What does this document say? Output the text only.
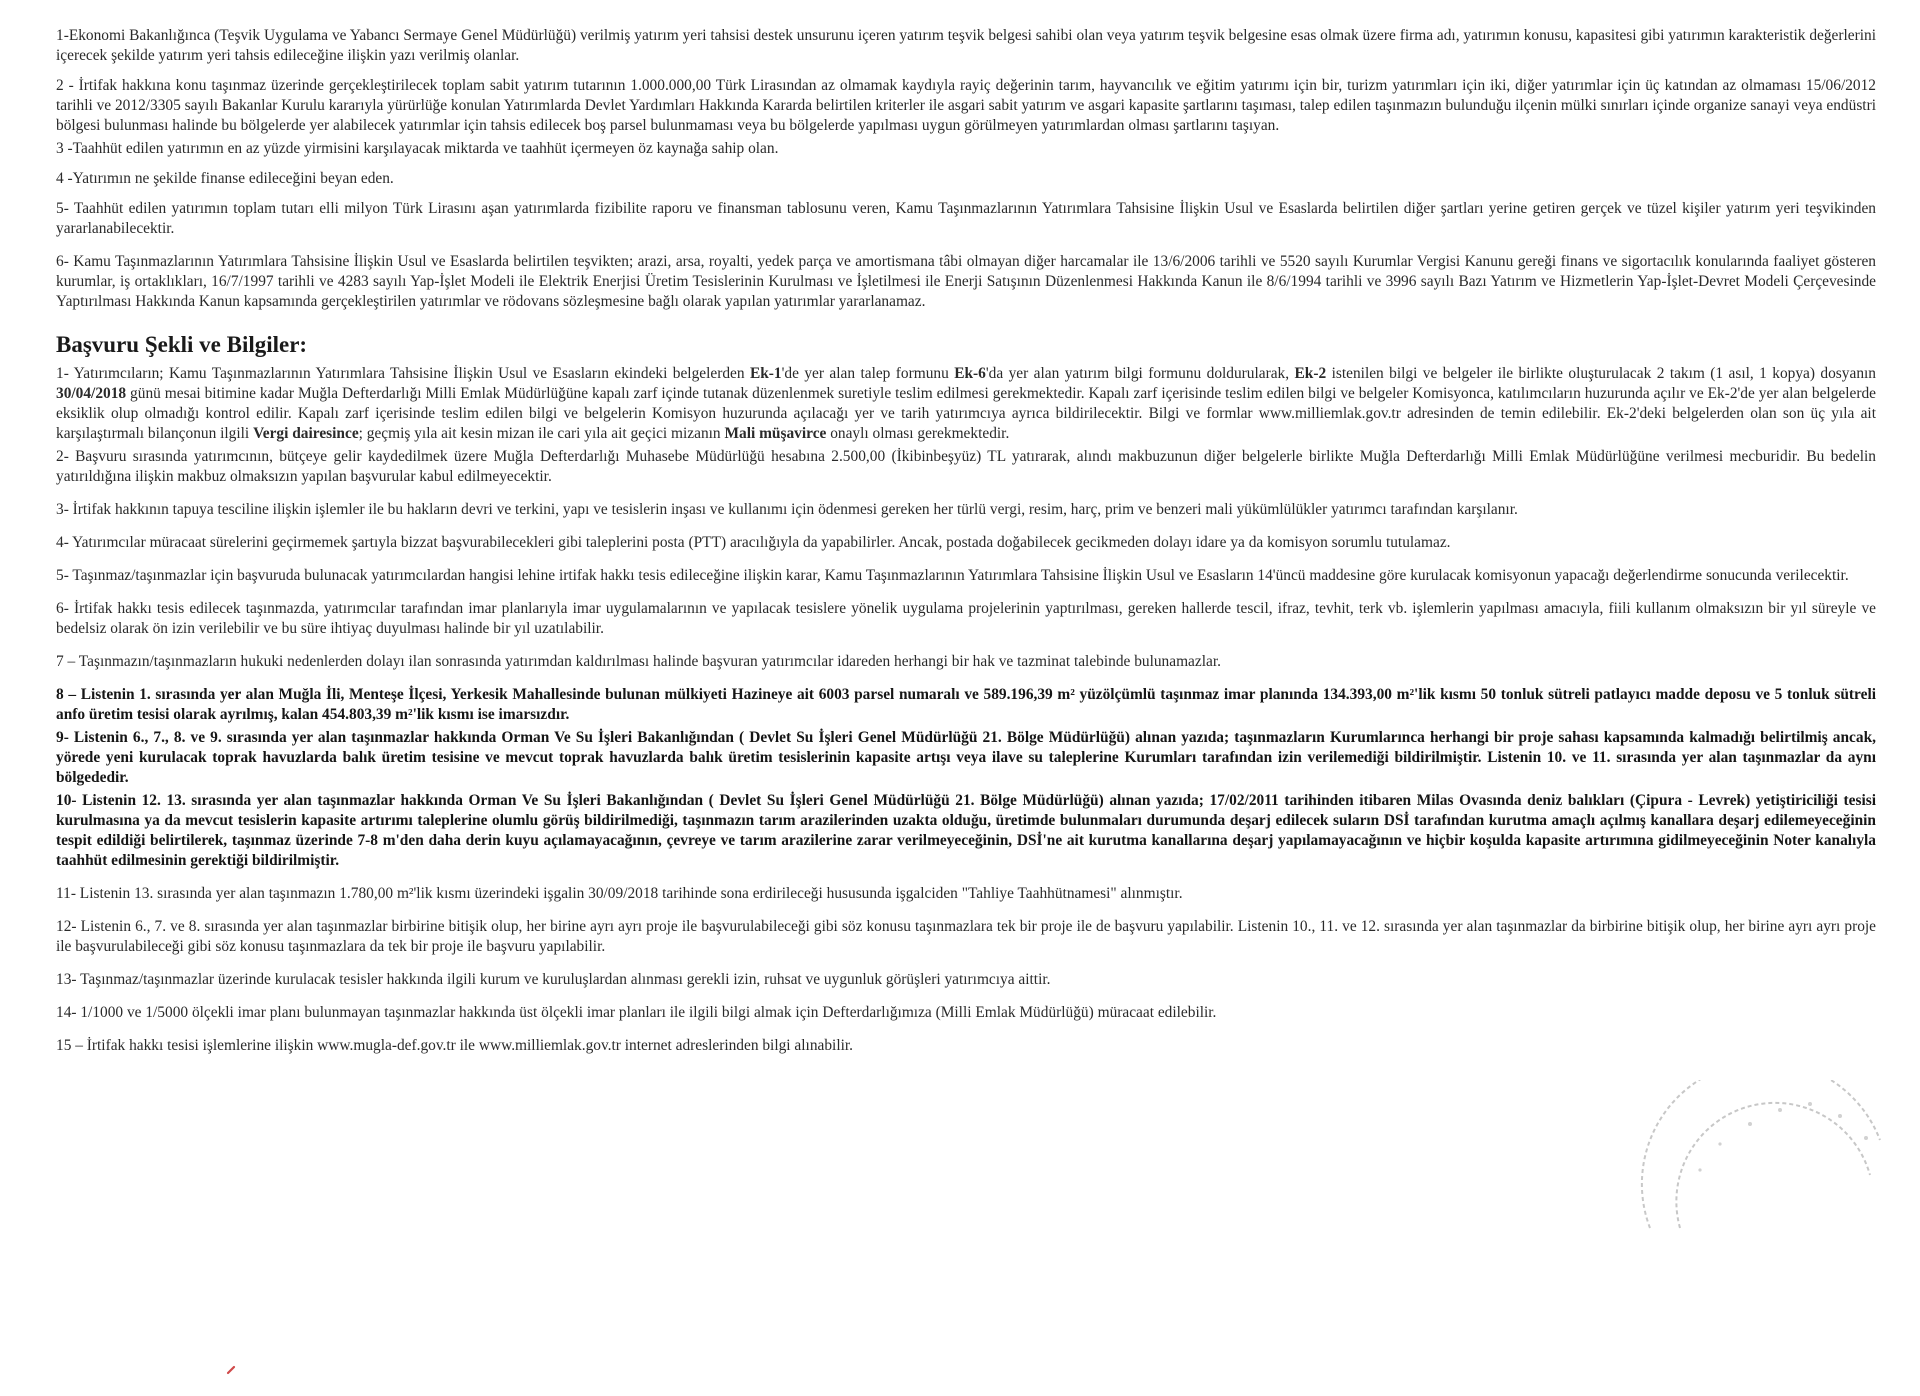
1-Ekonomi Bakanlığınca (Teşvik Uygulama ve Yabancı Sermaye Genel Müdürlüğü) verilmiş yatırım yeri tahsisi destek unsurunu içeren yatırım teşvik belgesi sahibi olan veya yatırım teşvik belgesine esas olmak üzere firma adı, yatırımın konusu, kapasitesi gibi yatırımın karakteristik değerlerini içerecek şekilde yatırım yeri tahsis edileceğine ilişkin yazı verilmiş olanlar.

2 - İrtifak hakkına konu taşınmaz üzerinde gerçekleştirilecek toplam sabit yatırım tutarının 1.000.000,00 Türk Lirasından az olmamak kaydıyla rayiç değerinin tarım, hayvancılık ve eğitim yatırımı için bir, turizm yatırımları için iki, diğer yatırımlar için üç katından az olmaması 15/06/2012 tarihli ve 2012/3305 sayılı Bakanlar Kurulu kararıyla yürürlüğe konulan Yatırımlarda Devlet Yardımları Hakkında Kararda belirtilen kriterler ile asgari sabit yatırım ve asgari kapasite şartlarını taşıması, talep edilen taşınmazın bulunduğu ilçenin mülki sınırları içinde organize sanayi veya endüstri bölgesi bulunması halinde bu bölgelerde yer alabilecek yatırımlar için tahsis edilecek boş parsel bulunmaması veya bu bölgelerde yapılması uygun görülmeyen yatırımlardan olması şartlarını taşıyan.

3 -Taahhüt edilen yatırımın en az yüzde yirmisini karşılayacak miktarda ve taahhüt içermeyen öz kaynağa sahip olan.

4 -Yatırımın ne şekilde finanse edileceğini beyan eden.

5- Taahhüt edilen yatırımın toplam tutarı elli milyon Türk Lirasını aşan yatırımlarda fizibilite raporu ve finansman tablosunu veren, Kamu Taşınmazlarının Yatırımlara Tahsisine İlişkin Usul ve Esaslarda belirtilen diğer şartları yerine getiren gerçek ve tüzel kişiler yatırım yeri teşvikinden yararlanabilecektir.

6- Kamu Taşınmazlarının Yatırımlara Tahsisine İlişkin Usul ve Esaslarda belirtilen teşvikten; arazi, arsa, royalti, yedek parça ve amortismana tâbi olmayan diğer harcamalar ile 13/6/2006 tarihli ve 5520 sayılı Kurumlar Vergisi Kanunu gereği finans ve sigortacılık konularında faaliyet gösteren kurumlar, iş ortaklıkları, 16/7/1997 tarihli ve 4283 sayılı Yap-İşlet Modeli ile Elektrik Enerjisi Üretim Tesislerinin Kurulması ve İşletilmesi ile Enerji Satışının Düzenlenmesi Hakkında Kanun ile 8/6/1994 tarihli ve 3996 sayılı Bazı Yatırım ve Hizmetlerin Yap-İşlet-Devret Modeli Çerçevesinde Yaptırılması Hakkında Kanun kapsamında gerçekleştirilen yatırımlar ve rödovans sözleşmesine bağlı olarak yapılan yatırımlar yararlanamaz.

Başvuru Şekli ve Bilgiler:

1- Yatırımcıların; Kamu Taşınmazlarının Yatırımlara Tahsisine İlişkin Usul ve Esasların ekindeki belgelerden Ek-1'de yer alan talep formunu Ek-6'da yer alan yatırım bilgi formunu doldurularak, Ek-2 istenilen bilgi ve belgeler ile birlikte oluşturulacak 2 takım (1 asıl, 1 kopya) dosyanın 30/04/2018 günü mesai bitimine kadar Muğla Defterdarlığı Milli Emlak Müdürlüğüne kapalı zarf içinde tutanak düzenlenmek suretiyle teslim edilmesi gerekmektedir. Kapalı zarf içerisinde teslim edilen bilgi ve belgeler Komisyonca, katılımcıların huzurunda açılır ve Ek-2'de yer alan belgelerde eksiklik olup olmadığı kontrol edilir. Kapalı zarf içerisinde teslim edilen bilgi ve belgelerin Komisyon huzurunda açılacağı yer ve tarih yatırımcıya ayrıca bildirilecektir. Bilgi ve formlar www.milliemlak.gov.tr adresinden de temin edilebilir. Ek-2'deki belgelerden olan son üç yıla ait karşılaştırmalı bilançonun ilgili Vergi dairesince; geçmiş yıla ait kesin mizan ile cari yıla ait geçici mizanın Mali müşavirce onaylı olması gerekmektedir.

2- Başvuru sırasında yatırımcının, bütçeye gelir kaydedilmek üzere Muğla Defterdarlığı Muhasebe Müdürlüğü hesabına 2.500,00 (İkibinbeşyüz) TL yatırarak, alındı makbuzunun diğer belgelerle birlikte Muğla Defterdarlığı Milli Emlak Müdürlüğüne verilmesi mecburidir. Bu bedelin yatırıldığına ilişkin makbuz olmaksızın yapılan başvurular kabul edilmeyecektir.

3- İrtifak hakkının tapuya tesciline ilişkin işlemler ile bu hakların devri ve terkini, yapı ve tesislerin inşası ve kullanımı için ödenmesi gereken her türlü vergi, resim, harç, prim ve benzeri mali yükümlülükler yatırımcı tarafından karşılanır.

4- Yatırımcılar müracaat sürelerini geçirmemek şartıyla bizzat başvurabilecekleri gibi taleplerini posta (PTT) aracılığıyla da yapabilirler. Ancak, postada doğabilecek gecikmeden dolayı idare ya da komisyon sorumlu tutulamaz.

5- Taşınmaz/taşınmazlar için başvuruda bulunacak yatırımcılardan hangisi lehine irtifak hakkı tesis edileceğine ilişkin karar, Kamu Taşınmazlarının Yatırımlara Tahsisine İlişkin Usul ve Esasların 14'üncü maddesine göre kurulacak komisyonun yapacağı değerlendirme sonucunda verilecektir.

6- İrtifak hakkı tesis edilecek taşınmazda, yatırımcılar tarafından imar planlarıyla imar uygulamalarının ve yapılacak tesislere yönelik uygulama projelerinin yaptırılması, gereken hallerde tescil, ifraz, tevhit, terk vb. işlemlerin yapılması amacıyla, fiili kullanım olmaksızın bir yıl süreyle ve bedelsiz olarak ön izin verilebilir ve bu süre ihtiyaç duyulması halinde bir yıl uzatılabilir.

7 – Taşınmazın/taşınmazların hukuki nedenlerden dolayı ilan sonrasında yatırımdan kaldırılması halinde başvuran yatırımcılar idareden herhangi bir hak ve tazminat talebinde bulunamazlar.

8 – Listenin 1. sırasında yer alan Muğla İli, Menteşe İlçesi, Yerkesik Mahallesinde bulunan mülkiyeti Hazineye ait 6003 parsel numaralı ve 589.196,39 m² yüzölçümlü taşınmaz imar planında 134.393,00 m²'lik kısmı 50 tonluk sütreli patlayıcı madde deposu ve 5 tonluk sütreli anfo üretim tesisi olarak ayrılmış, kalan 454.803,39 m²'lik kısmı ise imarsızdır.

9- Listenin 6., 7., 8. ve 9. sırasında yer alan taşınmazlar hakkında Orman Ve Su İşleri Bakanlığından ( Devlet Su İşleri Genel Müdürlüğü 21. Bölge Müdürlüğü) alınan yazıda; taşınmazların Kurumlarınca herhangi bir proje sahası kapsamında kalmadığı belirtilmiş ancak, yörede yeni kurulacak toprak havuzlarda balık üretim tesisine ve mevcut toprak havuzlarda balık üretim tesislerinin kapasite artışı veya ilave su taleplerine Kurumları tarafından izin verilemediği bildirilmiştir. Listenin 10. ve 11. sırasında yer alan taşınmazlar da aynı bölgededir.

10- Listenin 12. 13. sırasında yer alan taşınmazlar hakkında Orman Ve Su İşleri Bakanlığından ( Devlet Su İşleri Genel Müdürlüğü 21. Bölge Müdürlüğü) alınan yazıda; 17/02/2011 tarihinden itibaren Milas Ovasında deniz balıkları (Çipura - Levrek) yetiştiriciliği tesisi kurulmasına ya da mevcut tesislerin kapasite artırımı taleplerine olumlu görüş bildirilmediği, taşınmazın tarım arazilerinden uzakta olduğu, üretimde bulunmaları durumunda deşarj edilecek suların DSİ tarafından kurutma amaçlı açılmış kanallara deşarj edilemeyeceğinin tespit edildiği belirtilerek, taşınmaz üzerinde 7-8 m'den daha derin kuyu açılamayacağının, çevreye ve tarım arazilerine zarar verilmeyeceğinin, DSİ'ne ait kurutma kanallarına deşarj yapılamayacağının ve hiçbir koşulda kapasite artırımına gidilmeyeceğinin Noter kanalıyla taahhüt edilmesinin gerektiği bildirilmiştir.

11- Listenin 13. sırasında yer alan taşınmazın 1.780,00 m²'lik kısmı üzerindeki işgalin 30/09/2018 tarihinde sona erdirileceği hususunda işgalciden "Tahliye Taahhütnamesi" alınmıştır.

12- Listenin 6., 7. ve 8. sırasında yer alan taşınmazlar birbirine bitişik olup, her birine ayrı ayrı proje ile başvurulabileceği gibi söz konusu taşınmazlara tek bir proje ile de başvuru yapılabilir. Listenin 10., 11. ve 12. sırasında yer alan taşınmazlar da birbirine bitişik olup, her birine ayrı ayrı proje ile başvurulabileceği gibi söz konusu taşınmazlara da tek bir proje ile başvuru yapılabilir.

13- Taşınmaz/taşınmazlar üzerinde kurulacak tesisler hakkında ilgili kurum ve kuruluşlardan alınması gerekli izin, ruhsat ve uygunluk görüşleri yatırımcıya aittir.

14- 1/1000 ve 1/5000 ölçekli imar planı bulunmayan taşınmazlar hakkında üst ölçekli imar planları ile ilgili bilgi almak için Defterdarlığımıza (Milli Emlak Müdürlüğü) müracaat edilebilir.

15 – İrtifak hakkı tesisi işlemlerine ilişkin www.mugla-def.gov.tr ile www.milliemlak.gov.tr internet adreslerinden bilgi alınabilir.
